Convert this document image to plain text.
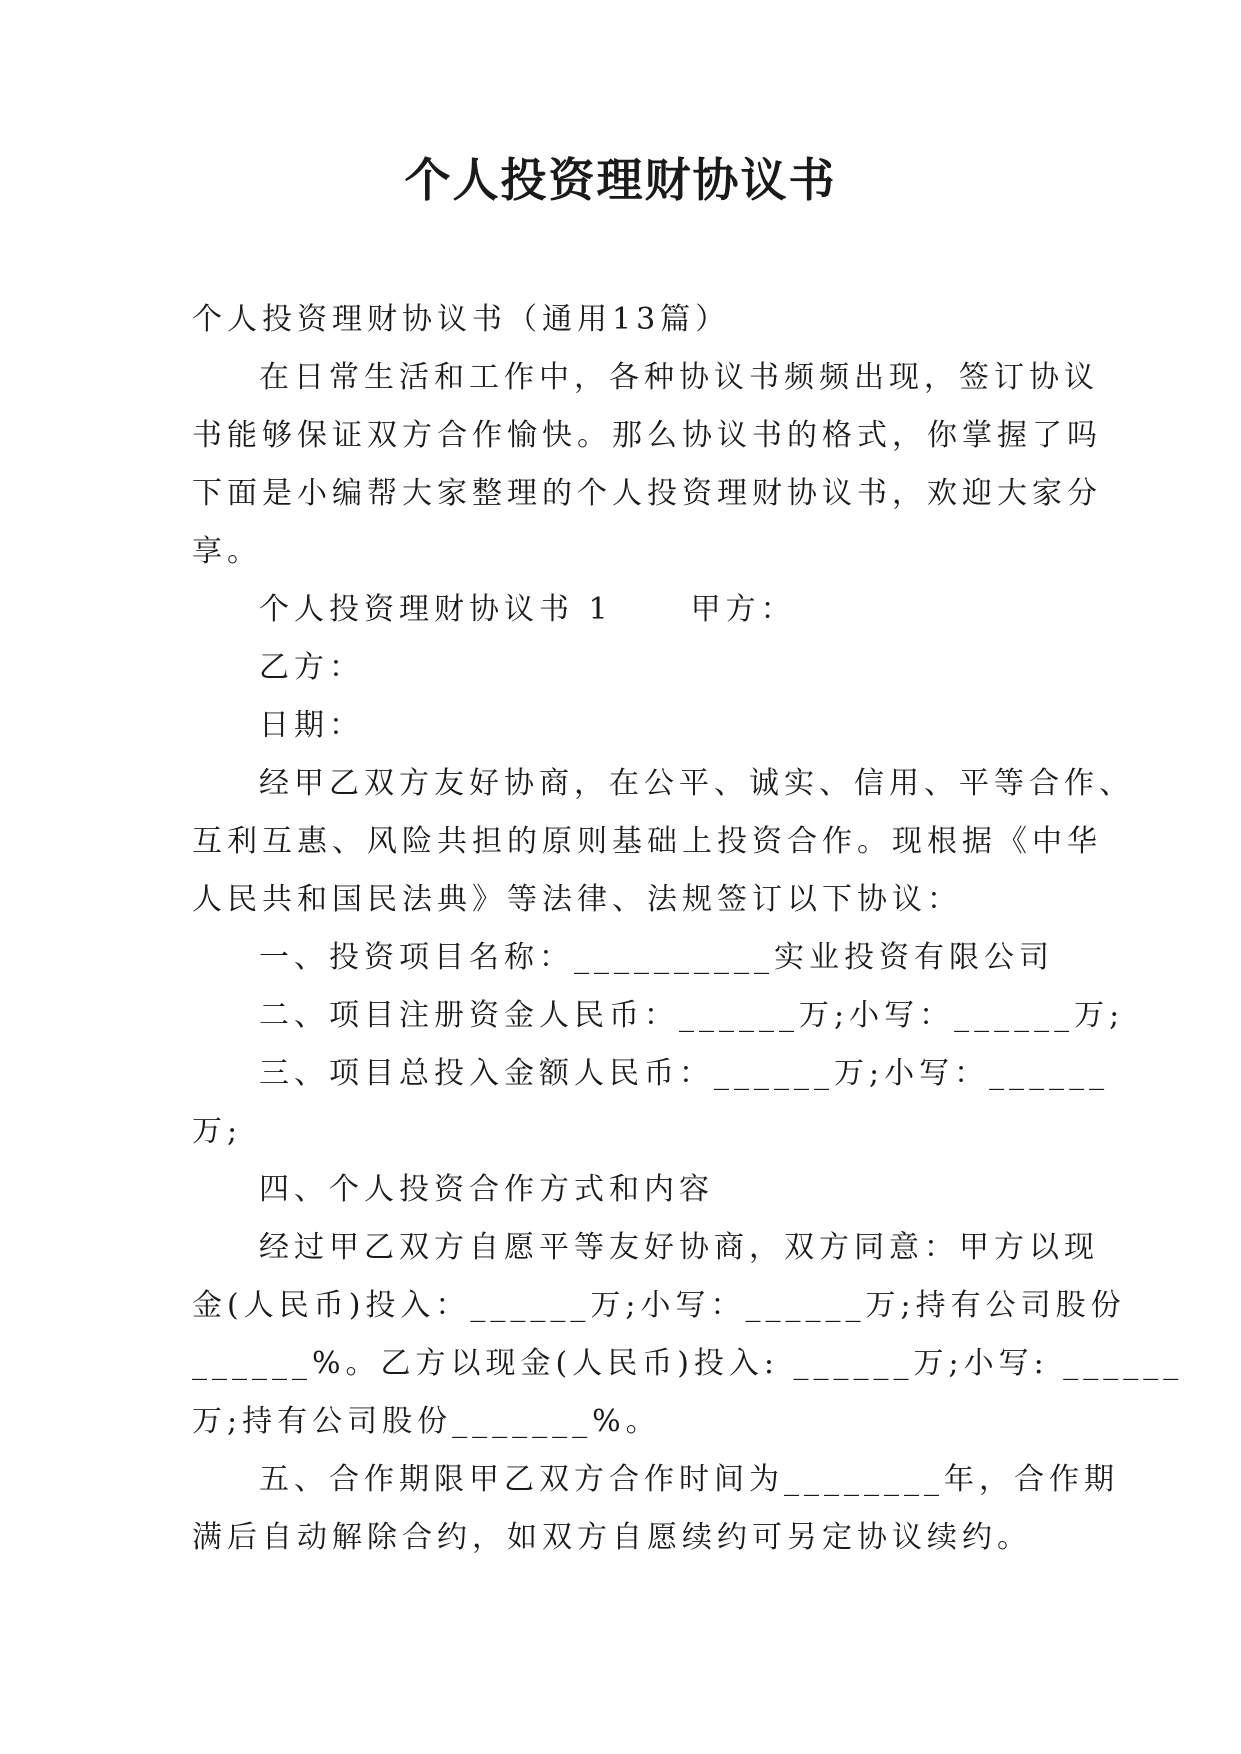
个人投资理财协议书

个人投资理财协议书（通用13篇）

在日常生活和工作中，各种协议书频频出现，签订协议

书能够保证双方合作愉快。那么协议书的格式，你掌握了吗

下面是小编帮大家整理的个人投资理财协议书，欢迎大家分

享。

个人投资理财协议书 1	甲方：

乙方：

日期：

经甲乙双方友好协商，在公平、诚实、信用、平等合作、

互利互惠、风险共担的原则基础上投资合作。现根据《中华

人民共和国民法典》等法律、法规签订以下协议：

一、投资项目名称：__________实业投资有限公司

二、项目注册资金人民币：______万;小写：______万;

三、项目总投入金额人民币：______万;小写：______

万;

四、个人投资合作方式和内容

经过甲乙双方自愿平等友好协商，双方同意：甲方以现

金(人民币)投入：______万;小写：______万;持有公司股份

______%。乙方以现金(人民币)投入: ______万;小写: ______

万;持有公司股份_______%。

五、合作期限甲乙双方合作时间为________年，合作期

满后自动解除合约，如双方自愿续约可另定协议续约。
